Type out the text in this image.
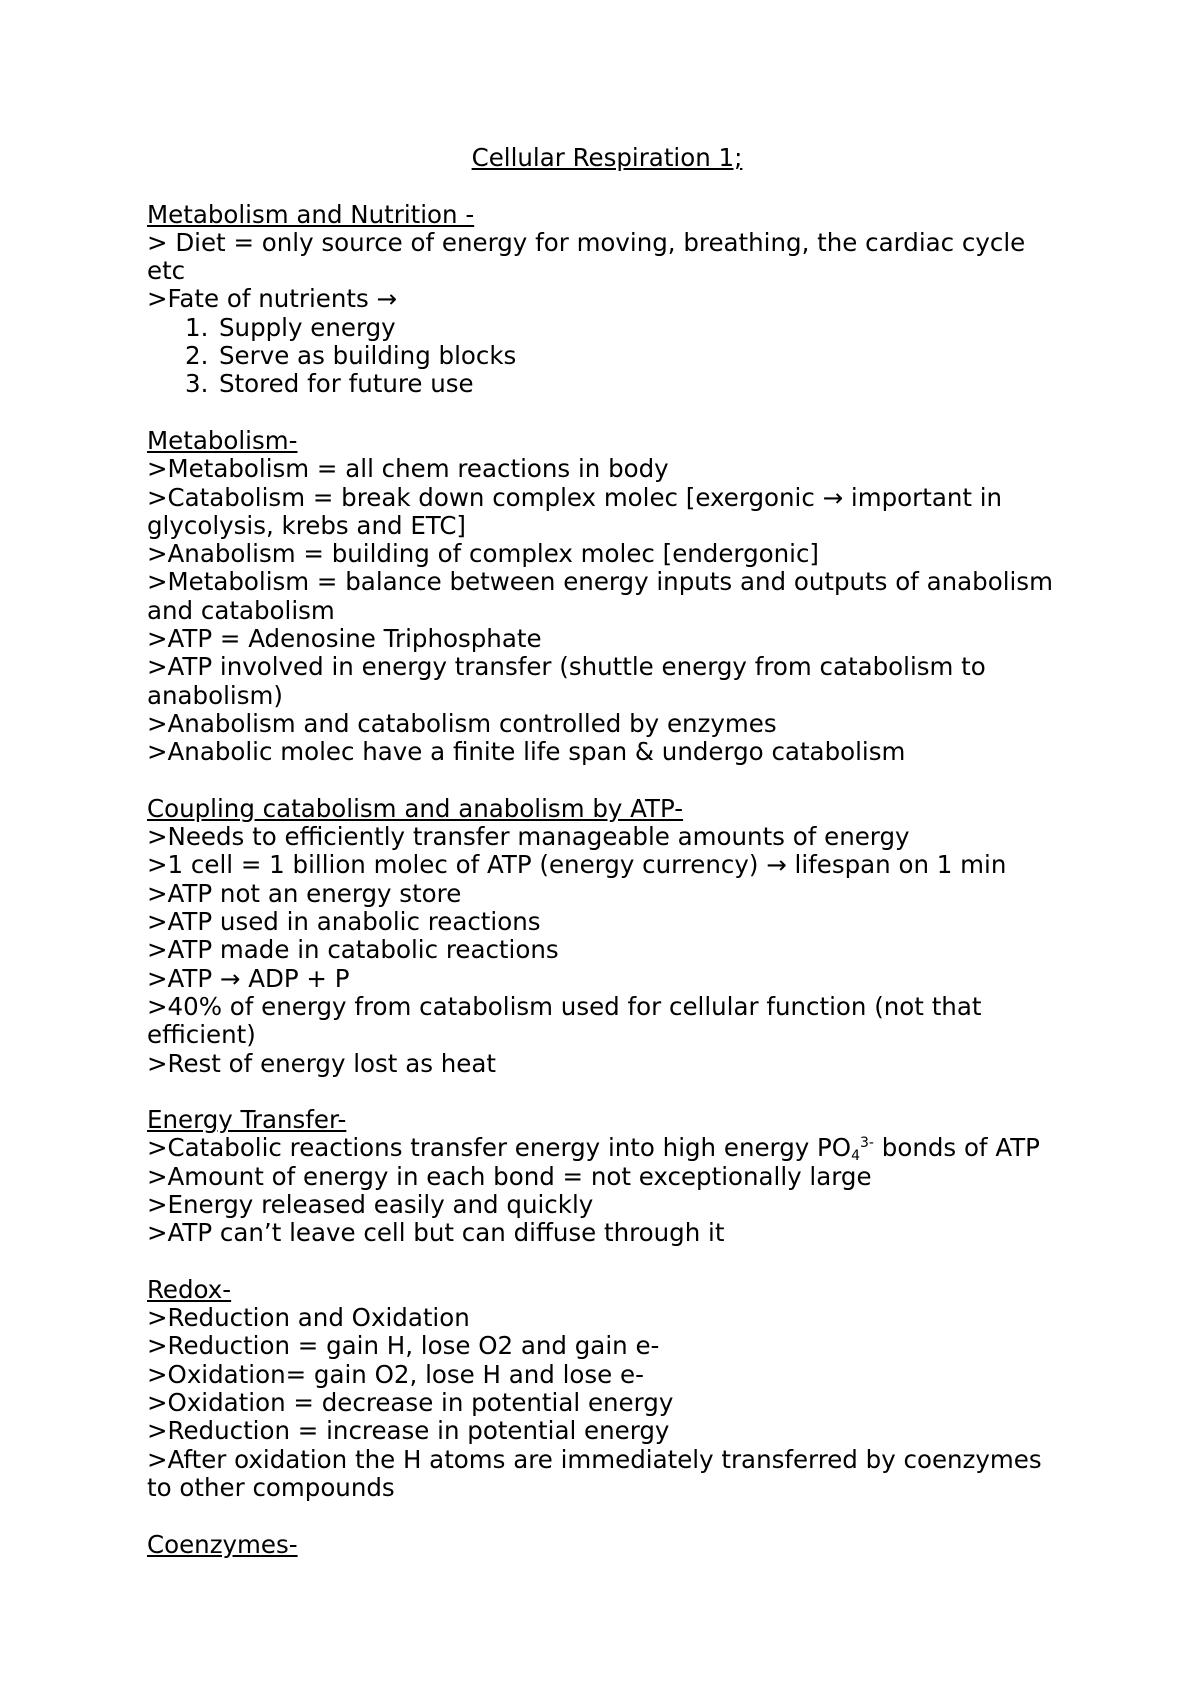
Cellular Respiration 1;

Metabolism and Nutrition -

> Diet = only source of energy for moving, breathing, the cardiac cycle etc

>Fate of nutrients →

1. Supply energy
2. Serve as building blocks
3. Stored for future use

Metabolism-

>Metabolism = all chem reactions in body

>Catabolism = break down complex molec [exergonic → important in glycolysis, krebs and ETC]

>Anabolism = building of complex molec [endergonic]

>Metabolism = balance between energy inputs and outputs of anabolism and catabolism

>ATP = Adenosine Triphosphate

>ATP involved in energy transfer (shuttle energy from catabolism to anabolism)

>Anabolism and catabolism controlled by enzymes

>Anabolic molec have a finite life span & undergo catabolism

Coupling catabolism and anabolism by ATP-

>Needs to efficiently transfer manageable amounts of energy

>1 cell = 1 billion molec of ATP (energy currency) → lifespan on 1 min

>ATP not an energy store

>ATP used in anabolic reactions

>ATP made in catabolic reactions

>ATP → ADP + P

>40% of energy from catabolism used for cellular function (not that efficient)

>Rest of energy lost as heat

Energy Transfer-

>Catabolic reactions transfer energy into high energy $PO_4^{3-}$ bonds of ATP

>Amount of energy in each bond = not exceptionally large

>Energy released easily and quickly

>ATP can’t leave cell but can diffuse through it

Redox-

>Reduction and Oxidation

>Reduction = gain H, lose O2 and gain e-

>Oxidation= gain O2, lose H and lose e-

>Oxidation = decrease in potential energy

>Reduction = increase in potential energy

>After oxidation the H atoms are immediately transferred by coenzymes to other compounds

Coenzymes-
